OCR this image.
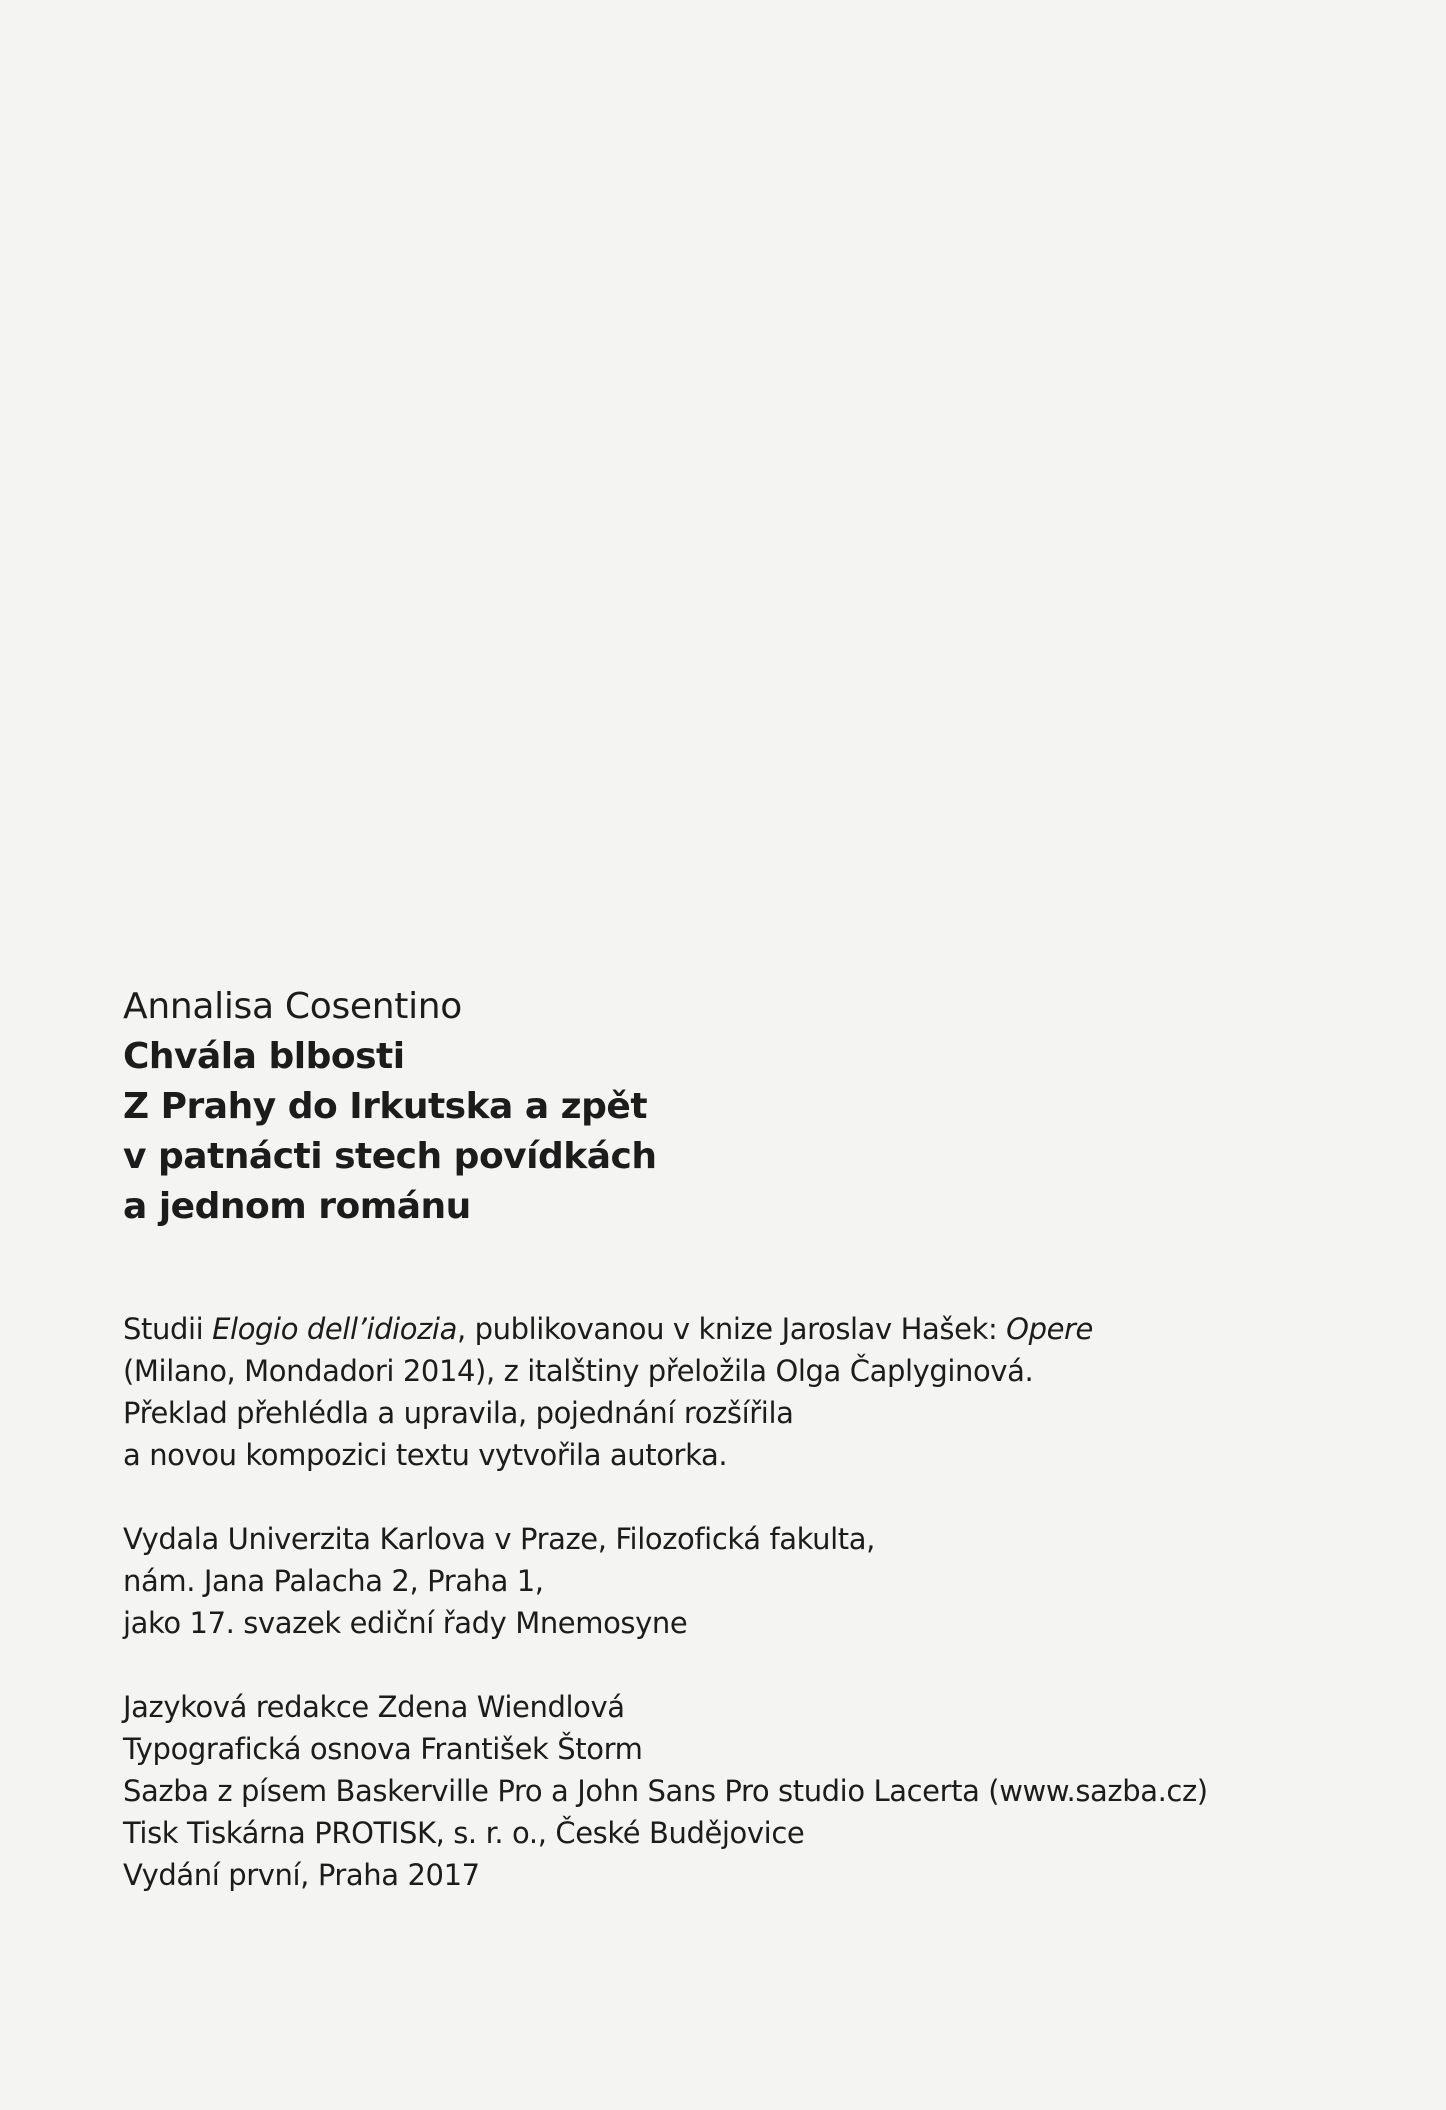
Annalisa Cosentino

Chvála blbosti

Z Prahy do Irkutska a zpět

v patnácti stech povídkách

a jednom románu

Studii Elogio dell’idiozia, publikovanou v knize Jaroslav Hašek: Opere

(Milano, Mondadori 2014), z italštiny přeložila Olga Čaplyginová.

Překlad přehlédla a upravila, pojednání rozšířila

a novou kompozici textu vytvořila autorka.

Vydala Univerzita Karlova v Praze, Filozofická fakulta,

nám. Jana Palacha 2, Praha 1,

jako 17. svazek ediční řady Mnemosyne

Jazyková redakce Zdena Wiendlová

Typografická osnova František Štorm

Sazba z písem Baskerville Pro a John Sans Pro studio Lacerta (www.sazba.cz)

Tisk Tiskárna PROTISK, s. r. o., České Budějovice

Vydání první, Praha 2017
